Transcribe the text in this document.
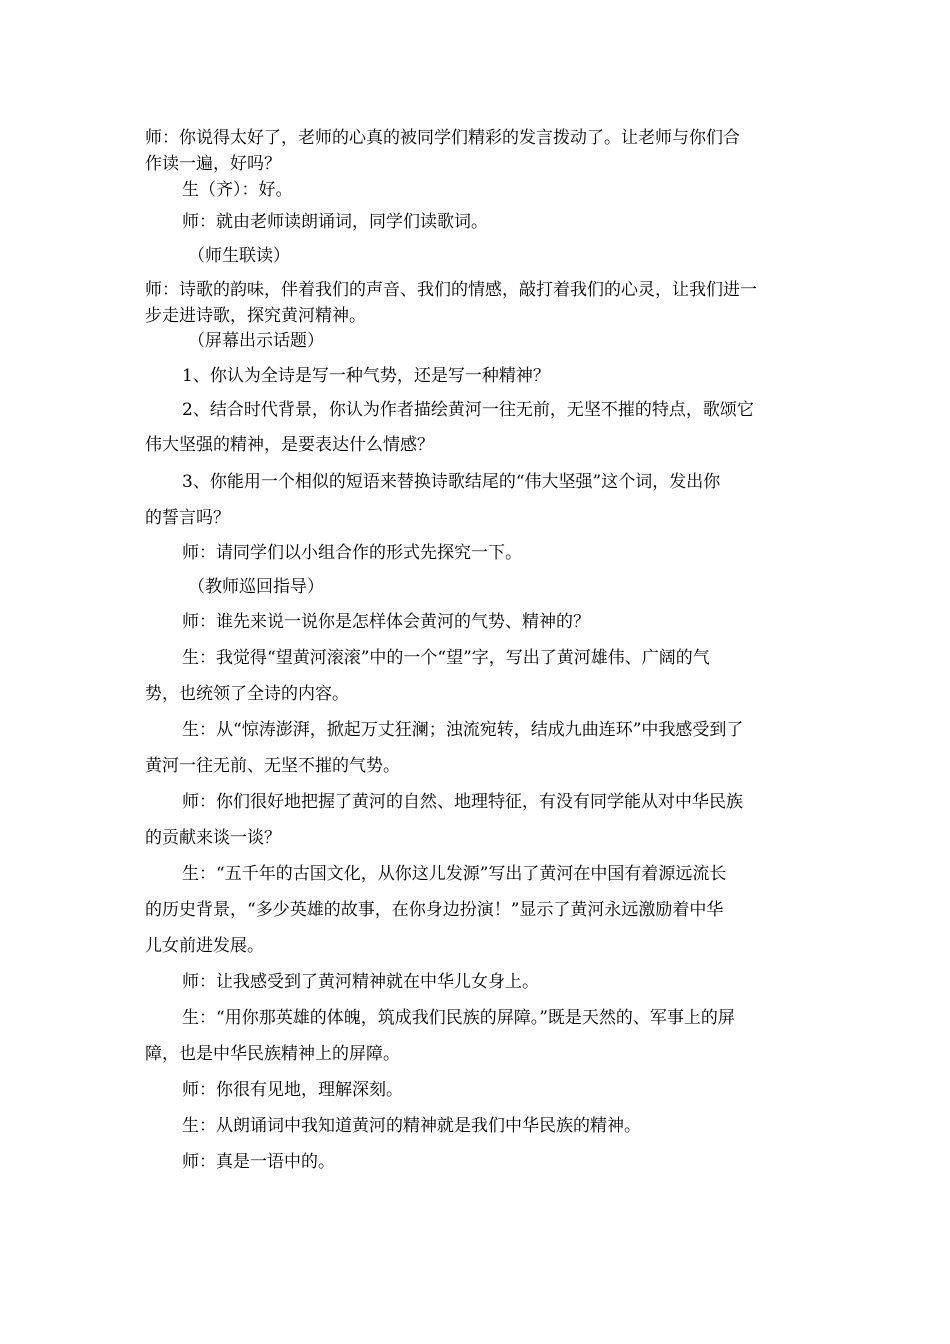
师：你说得太好了，老师的心真的被同学们精彩的发言拨动了。让老师与你们合
作读一遍，好吗？
生（齐）：好。
师：就由老师读朗诵词，同学们读歌词。
（师生联读）
师：诗歌的韵味，伴着我们的声音、我们的情感，敲打着我们的心灵，让我们进一
步走进诗歌，探究黄河精神。
（屏幕出示话题）
1、你认为全诗是写一种气势，还是写一种精神？
2、结合时代背景，你认为作者描绘黄河一往无前，无坚不摧的特点，歌颂它
伟大坚强的精神，是要表达什么情感？
3、你能用一个相似的短语来替换诗歌结尾的“伟大坚强”这个词，发出你
的誓言吗？
师：请同学们以小组合作的形式先探究一下。
（教师巡回指导）
师：谁先来说一说你是怎样体会黄河的气势、精神的？
生：我觉得“望黄河滚滚”中的一个“望”字，写出了黄河雄伟、广阔的气
势，也统领了全诗的内容。
生：从“惊涛澎湃，掀起万丈狂澜；浊流宛转，结成九曲连环”中我感受到了
黄河一往无前、无坚不摧的气势。
师：你们很好地把握了黄河的自然、地理特征，有没有同学能从对中华民族
的贡献来谈一谈？
生：“五千年的古国文化，从你这儿发源”写出了黄河在中国有着源远流长
的历史背景，“多少英雄的故事，在你身边扮演！”显示了黄河永远激励着中华
儿女前进发展。
师：让我感受到了黄河精神就在中华儿女身上。
生：“用你那英雄的体魄，筑成我们民族的屏障。”既是天然的、军事上的屏
障，也是中华民族精神上的屏障。
师：你很有见地，理解深刻。
生：从朗诵词中我知道黄河的精神就是我们中华民族的精神。
师：真是一语中的。
